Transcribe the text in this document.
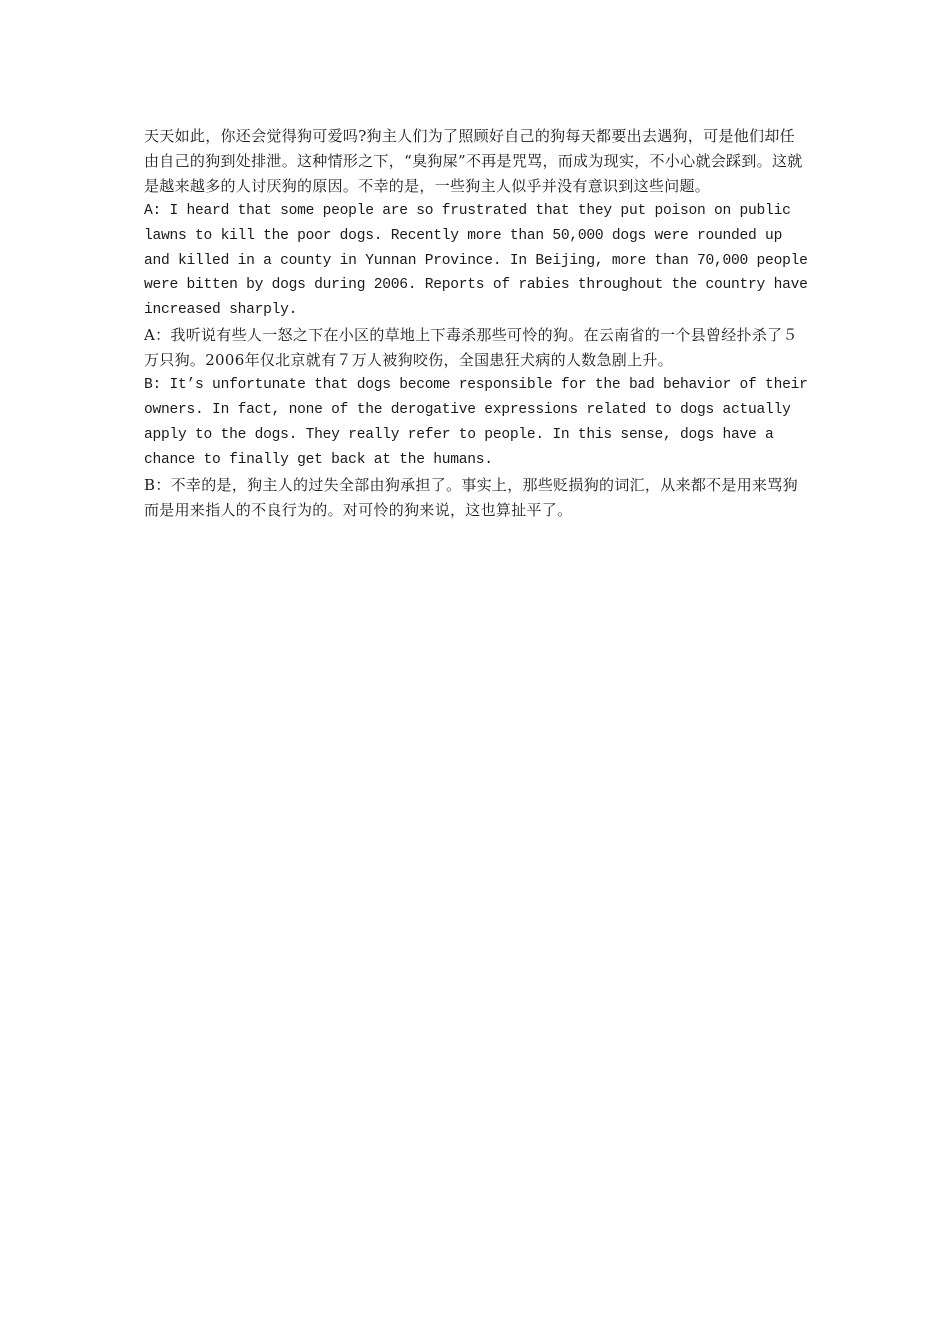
天天如此，你还会觉得狗可爱吗?狗主人们为了照顾好自己的狗每天都要出去遇狗，可是他们却任由自己的狗到处排泄。这种情形之下，“臭狗屎”不再是咒骂，而成为现实，不小心就会踩到。这就是越来越多的人讨厌狗的原因。不幸的是，一些狗主人似乎并没有意识到这些问题。

A: I heard that some people are so frustrated that they put poison on public lawns to kill the poor dogs. Recently more than 50,000 dogs were rounded up and killed in a county in Yunnan Province. In Beijing, more than 70,000 people were bitten by dogs during 2006. Reports of rabies throughout the country have increased sharply.

A：我听说有些人一怒之下在小区的草地上下毒杀那些可怜的狗。在云南省的一个县曾经扑杀了５万只狗。2006年仅北京就有７万人被狗咬伤，全国患狂犬病的人数急剧上升。

B: It’s unfortunate that dogs become responsible for the bad behavior of their owners. In fact, none of the derogative expressions related to dogs actually apply to the dogs. They really refer to people. In this sense, dogs have a chance to finally get back at the humans.

B：不幸的是，狗主人的过失全部由狗承担了。事实上，那些贬损狗的词汇，从来都不是用来骂狗而是用来指人的不良行为的。对可怜的狗来说，这也算扯平了。
